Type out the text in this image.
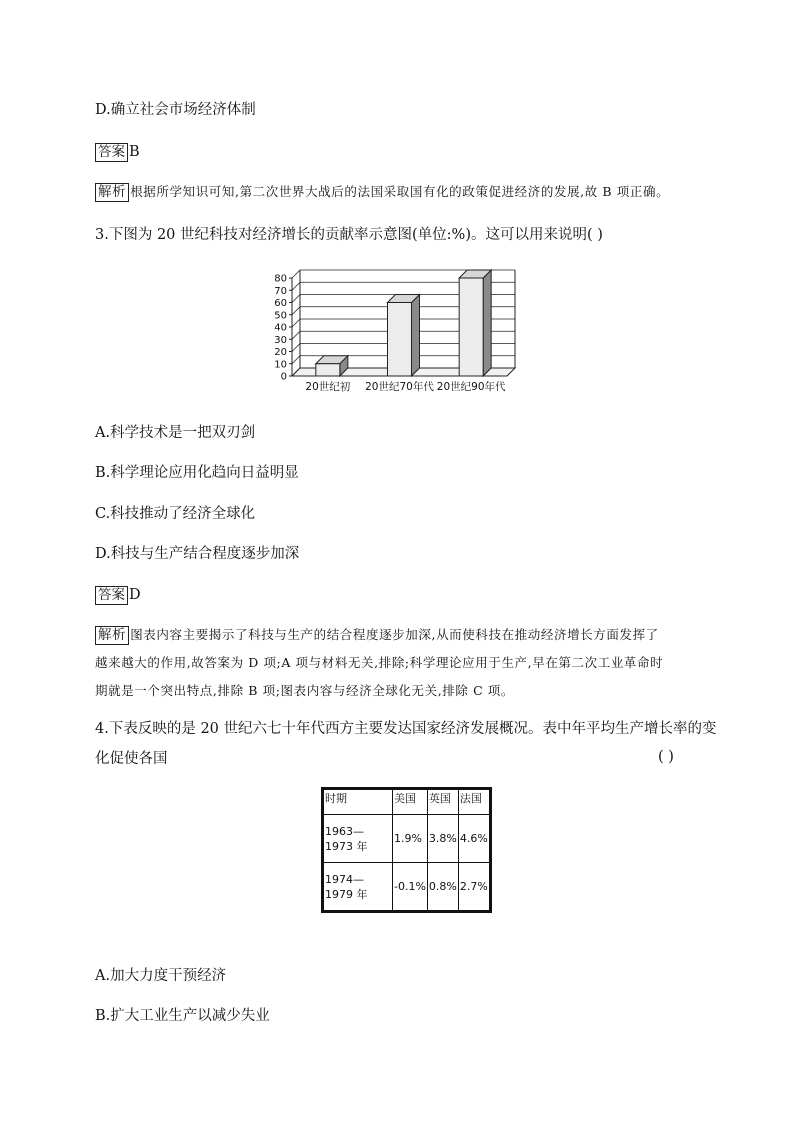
D.确立社会市场经济体制
答案 B
解析 根据所学知识可知,第二次世界大战后的法国采取国有化的政策促进经济的发展,故 B 项正确。
3.下图为 20 世纪科技对经济增长的贡献率示意图(单位:%)。这可以用来说明( )
0
10
20
30
40
50
60
70
80
20世纪初 20世纪70年代 20世纪90年代
A.科学技术是一把双刃剑
B.科学理论应用化趋向日益明显
C.科技推动了经济全球化
D.科技与生产结合程度逐步加深
答案 D
解析 图表内容主要揭示了科技与生产的结合程度逐步加深,从而使科技在推动经济增长方面发挥了
越来越大的作用,故答案为 D 项;A 项与材料无关,排除;科学理论应用于生产,早在第二次工业革命时
期就是一个突出特点,排除 B 项;图表内容与经济全球化无关,排除 C 项。
4.下表反映的是 20 世纪六七十年代西方主要发达国家经济发展概况。表中年平均生产增长率的变
化促使各国	( )
时期	美国	英国	法国
1963—1973 年	1.9%	3.8%	4.6%
1974—1979 年	-0.1%	0.8%	2.7%
A.加大力度干预经济
B.扩大工业生产以减少失业
